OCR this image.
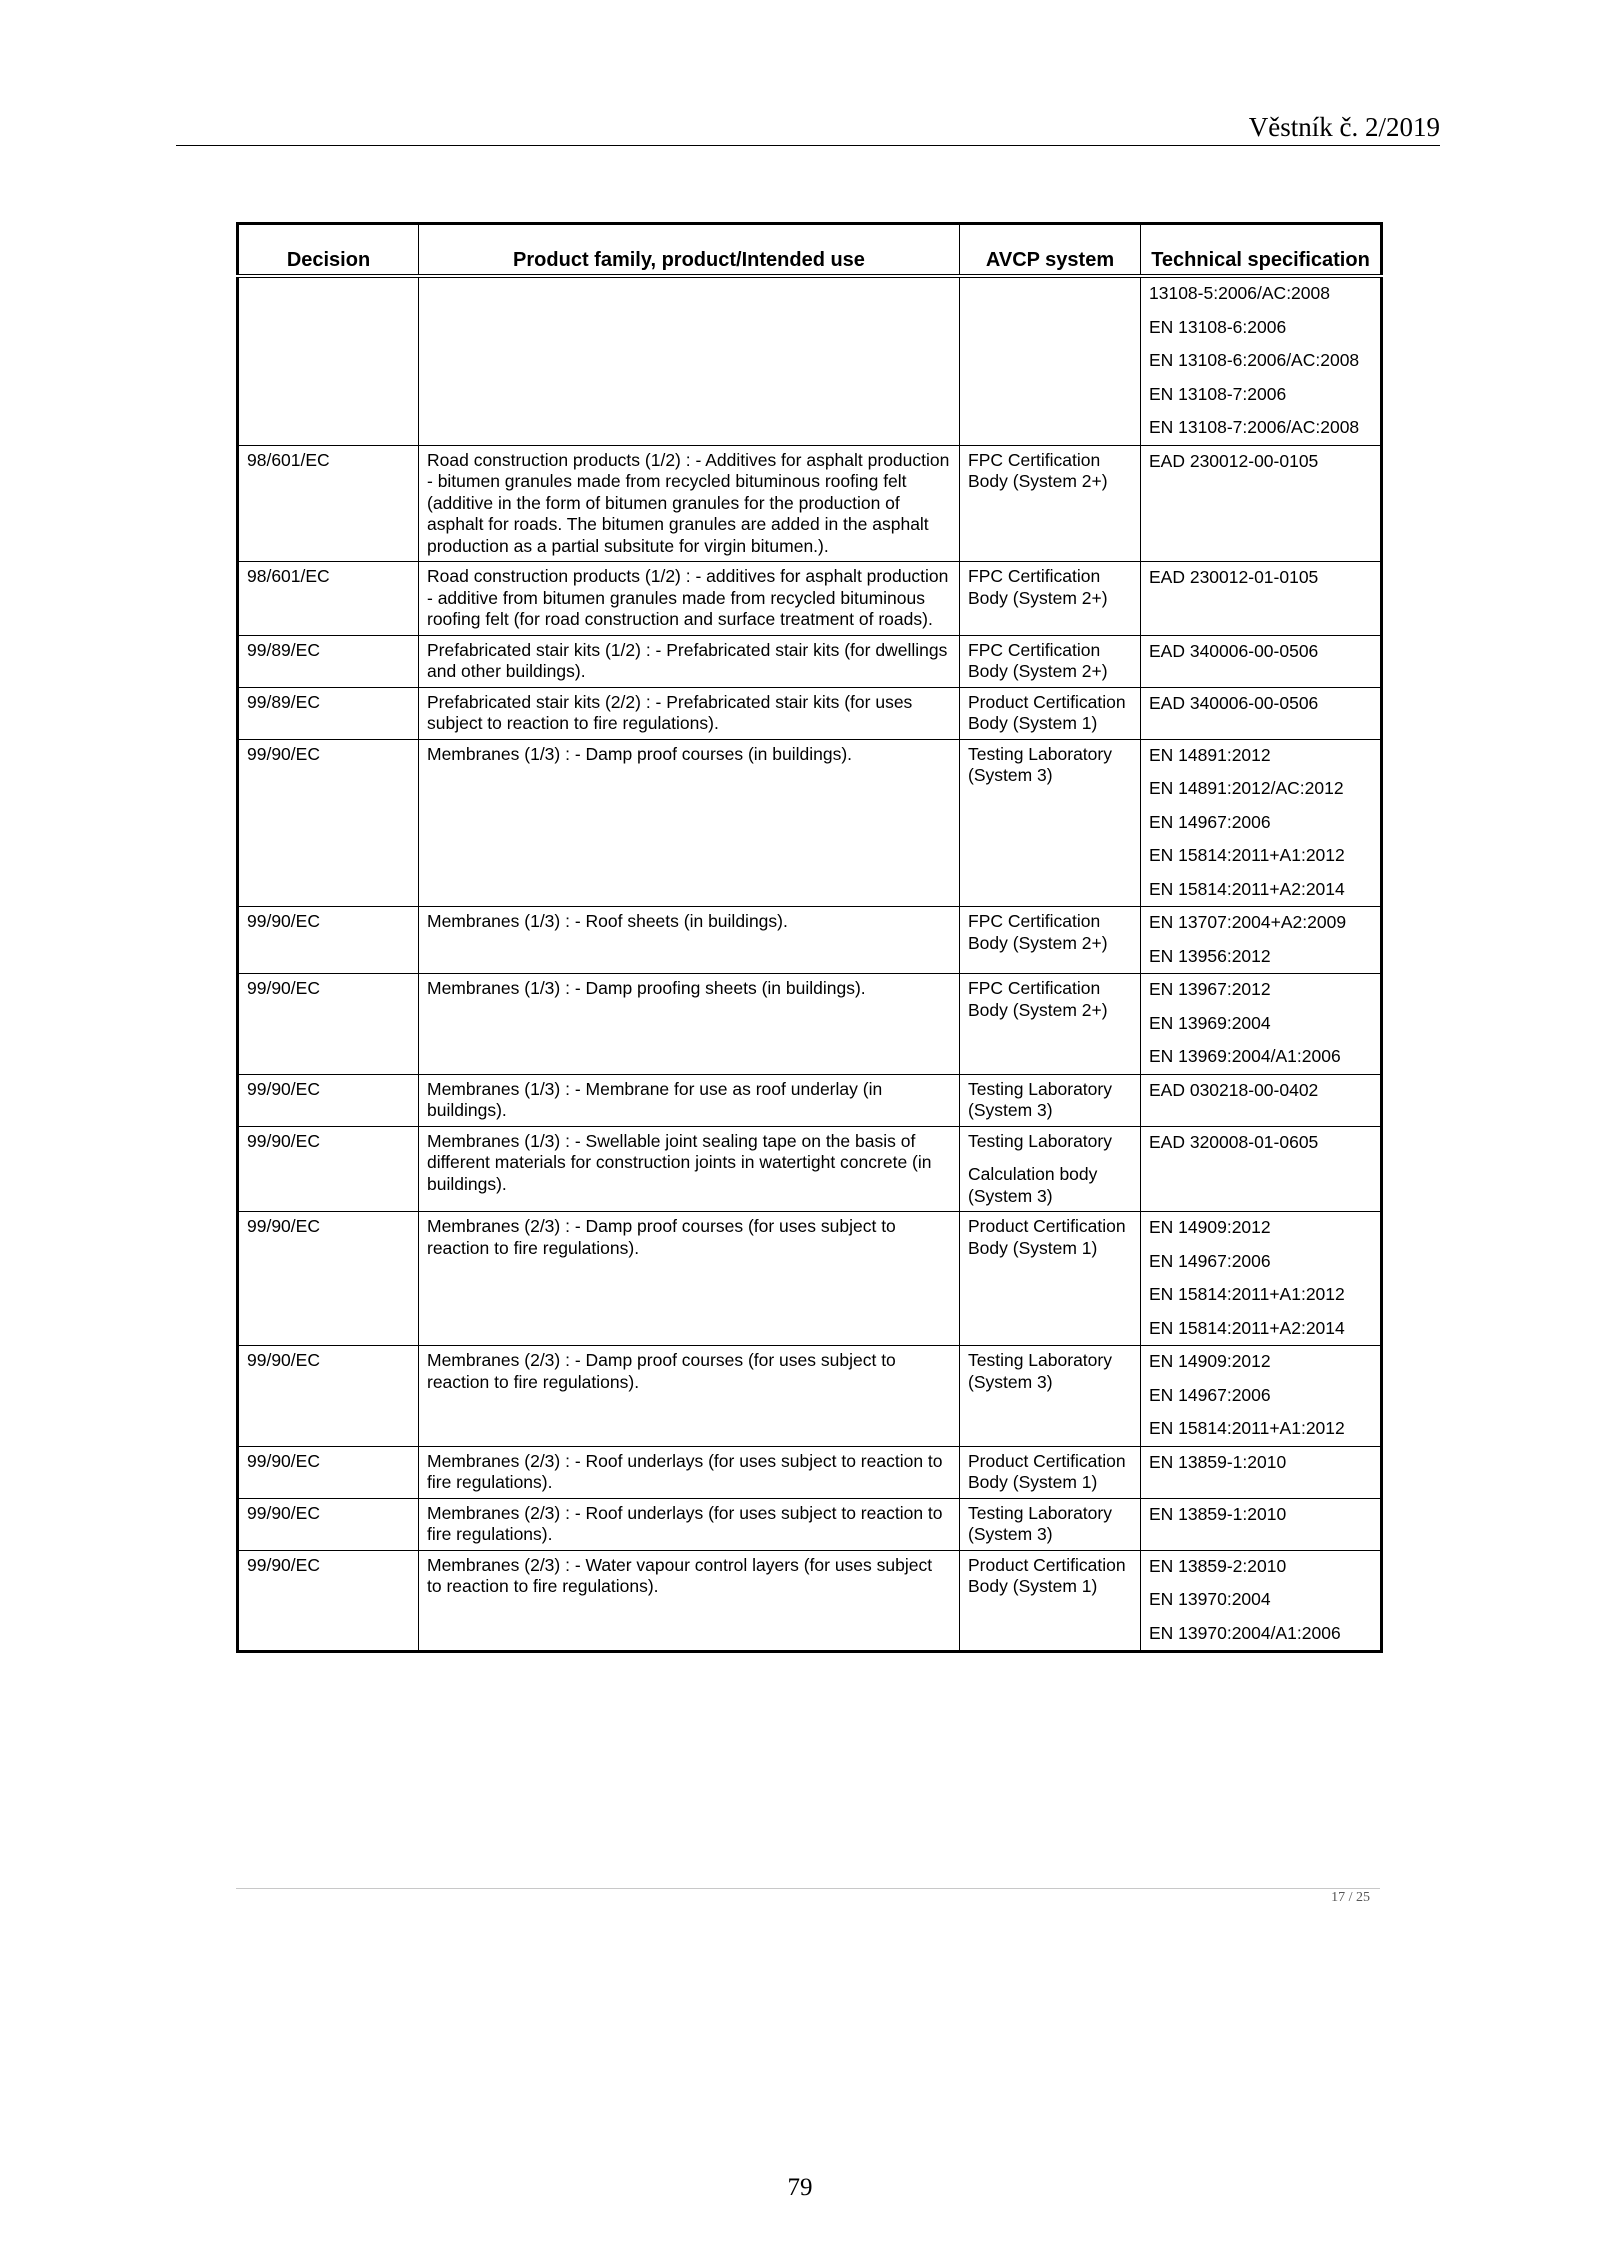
Věstník č. 2/2019
Decision	Product family, product/Intended use	AVCP system	Technical specification

			13108-5:2006/AC:2008
EN 13108-6:2006
EN 13108-6:2006/AC:2008
EN 13108-7:2006
EN 13108-7:2006/AC:2008

98/601/EC	Road construction products (1/2) : - Additives for asphalt production - bitumen granules made from recycled bituminous roofing felt (additive in the form of bitumen granules for the production of asphalt for roads. The bitumen granules are added in the asphalt production as a partial subsitute for virgin bitumen.).	FPC Certification Body (System 2+)	EAD 230012-00-0105

98/601/EC	Road construction products (1/2) : - additives for asphalt production - additive from bitumen granules made from recycled bituminous roofing felt (for road construction and surface treatment of roads).	FPC Certification Body (System 2+)	EAD 230012-01-0105

99/89/EC	Prefabricated stair kits (1/2) : - Prefabricated stair kits (for dwellings and other buildings).	FPC Certification Body (System 2+)	EAD 340006-00-0506

99/89/EC	Prefabricated stair kits (2/2) : - Prefabricated stair kits (for uses subject to reaction to fire regulations).	Product Certification Body (System 1)	EAD 340006-00-0506

99/90/EC	Membranes (1/3) : - Damp proof courses (in buildings).	Testing Laboratory (System 3)	EN 14891:2012
EN 14891:2012/AC:2012
EN 14967:2006
EN 15814:2011+A1:2012
EN 15814:2011+A2:2014

99/90/EC	Membranes (1/3) : - Roof sheets (in buildings).	FPC Certification Body (System 2+)	EN 13707:2004+A2:2009
EN 13956:2012

99/90/EC	Membranes (1/3) : - Damp proofing sheets (in buildings).	FPC Certification Body (System 2+)	EN 13967:2012
EN 13969:2004
EN 13969:2004/A1:2006

99/90/EC	Membranes (1/3) : - Membrane for use as roof underlay (in buildings).	Testing Laboratory (System 3)	EAD 030218-00-0402

99/90/EC	Membranes (1/3) : - Swellable joint sealing tape on the basis of different materials for construction joints in watertight concrete (in buildings).	Testing Laboratory
Calculation body (System 3)	EAD 320008-01-0605

99/90/EC	Membranes (2/3) : - Damp proof courses (for uses subject to reaction to fire regulations).	Product Certification Body (System 1)	EN 14909:2012
EN 14967:2006
EN 15814:2011+A1:2012
EN 15814:2011+A2:2014

99/90/EC	Membranes (2/3) : - Damp proof courses (for uses subject to reaction to fire regulations).	Testing Laboratory (System 3)	EN 14909:2012
EN 14967:2006
EN 15814:2011+A1:2012

99/90/EC	Membranes (2/3) : - Roof underlays (for uses subject to reaction to fire regulations).	Product Certification Body (System 1)	EN 13859-1:2010

99/90/EC	Membranes (2/3) : - Roof underlays (for uses subject to reaction to fire regulations).	Testing Laboratory (System 3)	EN 13859-1:2010

99/90/EC	Membranes (2/3) : - Water vapour control layers (for uses subject to reaction to fire regulations).	Product Certification Body (System 1)	EN 13859-2:2010
EN 13970:2004
EN 13970:2004/A1:2006
17 / 25
79
